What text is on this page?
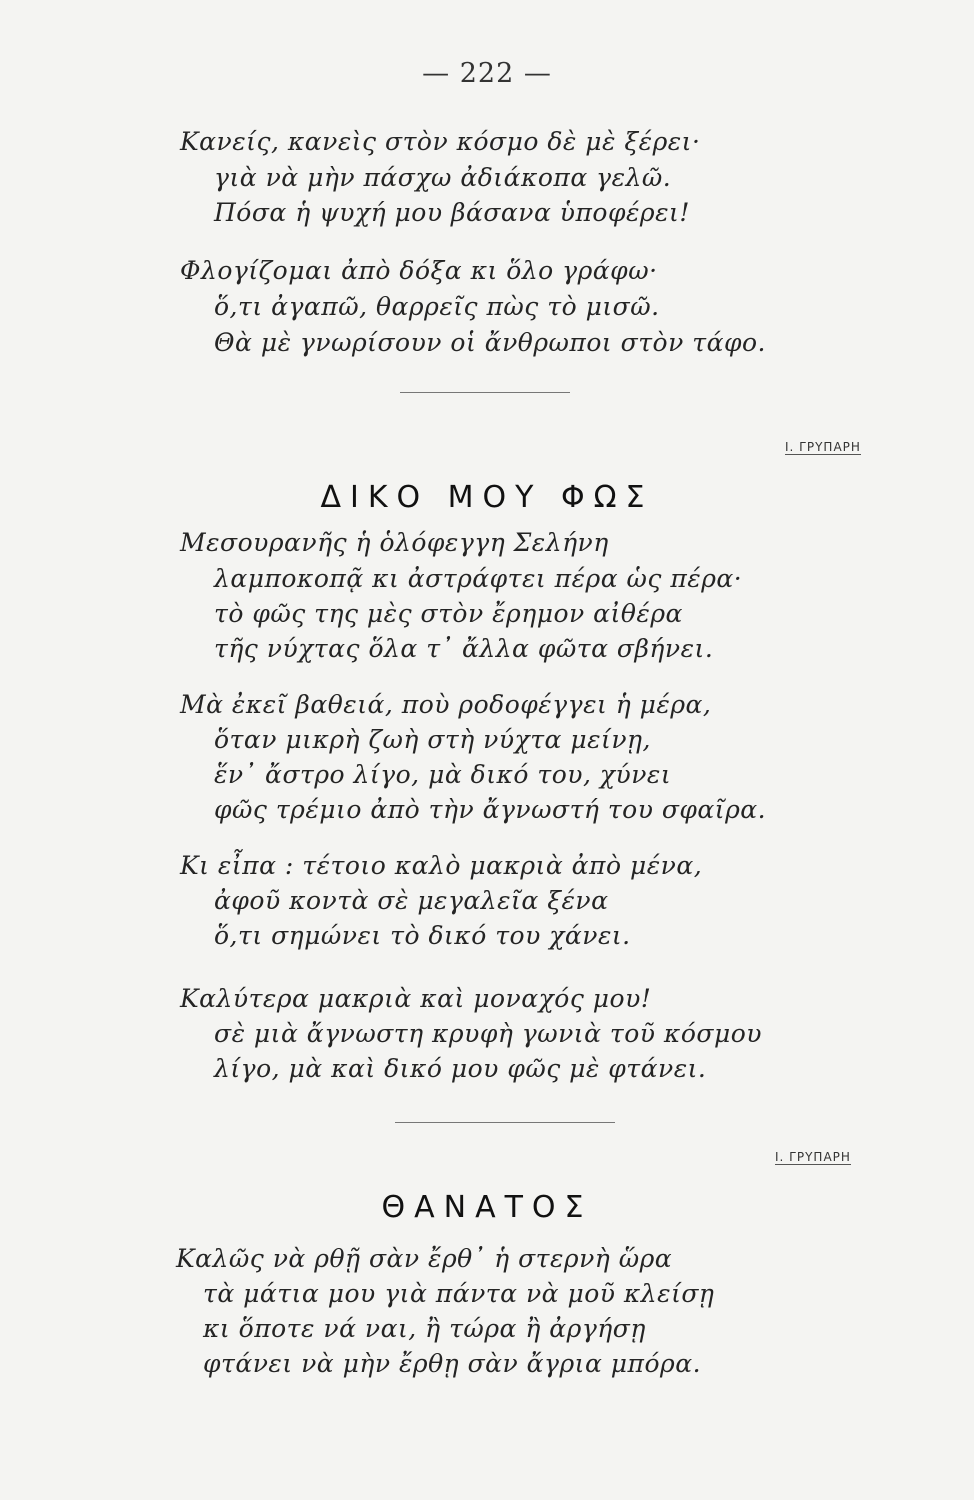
— 222 —
Κανείς, κανεὶς στὸν κόσμο δὲ μὲ ξέρει·
γιὰ νὰ μὴν πάσχω ἀδιάκοπα γελῶ.
Πόσα ἡ ψυχή μου βάσανα ὑποφέρει!
Φλογίζομαι ἀπὸ δόξα κι ὅλο γράφω·
ὅ,τι ἀγαπῶ, θαρρεῖς πὼς τὸ μισῶ.
Θὰ μὲ γνωρίσουν οἱ ἄνθρωποι στὸν τάφο.
Ι. ΓΡΥΠΑΡΗ
ΔΙΚΟ ΜΟΥ ΦΩΣ
Μεσουρανῆς ἡ ὁλόφεγγη Σελήνη
λαμποκοπᾷ κι ἀστράφτει πέρα ὡς πέρα·
τὸ φῶς της μὲς στὸν ἔρημον αἰθέρα
τῆς νύχτας ὅλα τ᾿ ἄλλα φῶτα σβήνει.
Μὰ ἐκεῖ βαθειά, ποὺ ροδοφέγγει ἡ μέρα,
ὅταν μικρὴ ζωὴ στὴ νύχτα μείνῃ,
ἕν᾿ ἄστρο λίγο, μὰ δικό του, χύνει
φῶς τρέμιο ἀπὸ τὴν ἄγνωστή του σφαῖρα.
Κι εἶπα : τέτοιο καλὸ μακριὰ ἀπὸ μένα,
ἀφοῦ κοντὰ σὲ μεγαλεῖα ξένα
ὅ,τι σημώνει τὸ δικό του χάνει.
Καλύτερα μακριὰ καὶ μοναχός μου!
σὲ μιὰ ἄγνωστη κρυφὴ γωνιὰ τοῦ κόσμου
λίγο, μὰ καὶ δικό μου φῶς μὲ φτάνει.
Ι. ΓΡΥΠΑΡΗ
ΘΑΝΑΤΟΣ
Καλῶς νὰ ρθῇ σὰν ἔρθ᾿ ἡ στερνὴ ὥρα
τὰ μάτια μου γιὰ πάντα νὰ μοῦ κλείσῃ
κι ὅποτε νά ναι, ἢ τώρα ἢ ἀργήσῃ
φτάνει νὰ μὴν ἔρθῃ σὰν ἄγρια μπόρα.
